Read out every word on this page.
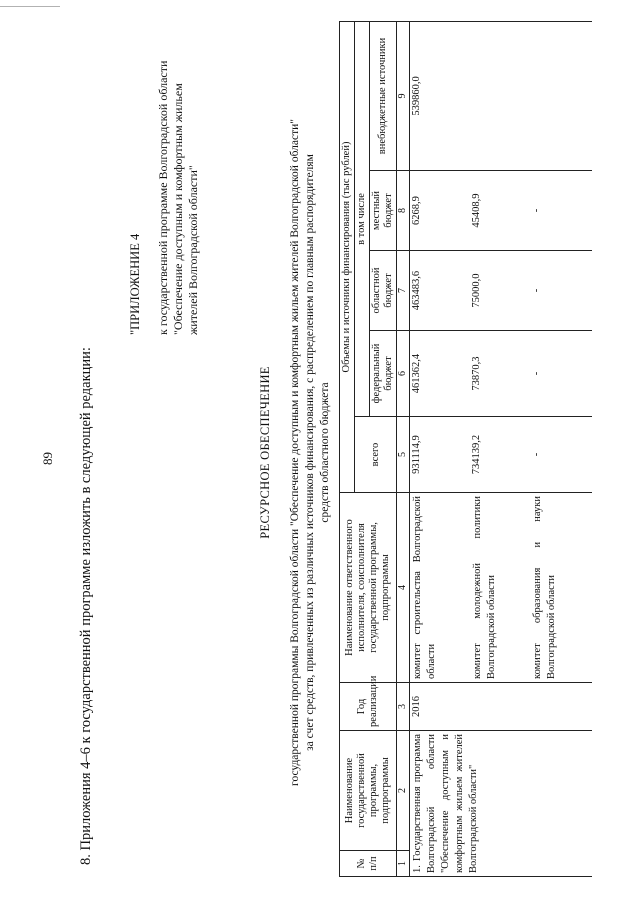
89 8. Приложения 4–6 к государственной программе изложить в следующей редакции:
"ПРИЛОЖЕНИЕ 4 к государственной программе Волгоградской области "Обеспечение доступным и комфортным жильем жителей Волгоградской области"
РЕСУРСНОЕ ОБЕСПЕЧЕНИЕ государственной программы Волгоградской области "Обеспечение доступным и комфортным жильем жителей Волгоградской области" за счет средств, привлеченных из различных источников финансирования, с распределением по главным распорядителям средств областного бюджета
№ п/п	Наименование государственной программы, подпрограммы	Год реализации	Наименование ответственного исполнителя, соисполнителя государственной программы, подпрограммы	Объемы и источники финансирования (тыс рублей)				
				всего	в том числе			
					федеральный бюджет	областной бюджет	местный бюджет	внебюджетные источники
1	2	3	4	5	6	7	8	9
1. Государственная программа Волгоградской области "Обеспечение доступным и комфортным жильем жителей Волгоградской области"		2016	комитет строительства Волгоградской области	931114,9	461362,4	463483,6	6268,9	539860,0
			комитет молодежной политики Волгоградской области	734139,2	73870,3	75000,0	45408,9	
			комитет образования и науки Волгоградской области	-	-	-	-	
